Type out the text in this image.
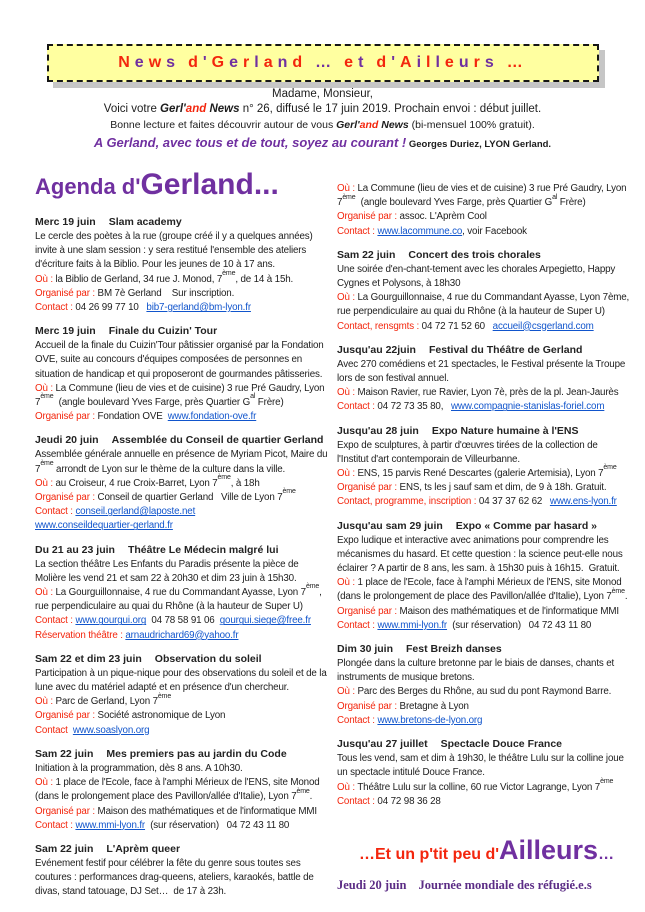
News d'Gerland … et d'Ailleurs …
Madame, Monsieur,
Voici votre Gerl'and News n° 26, diffusé le 17 juin 2019. Prochain envoi : début juillet.
Bonne lecture et faites découvrir autour de vous Gerl'and News (bi-mensuel 100% gratuit).
A Gerland, avec tous et de tout, soyez au courant ! Georges Duriez, LYON Gerland.
Agenda d'Gerland...
Merc 19 juin Slam academy
Le cercle des poètes à la rue (groupe créé il y a quelques années) invite à une slam session : y sera restitué l'ensemble des ateliers d'écriture faits à la Biblio. Pour les jeunes de 10 à 17 ans.
Où : la Biblio de Gerland, 34 rue J. Monod, 7ème, de 14 à 15h.
Organisé par : BM 7è Gerland    Sur inscription.
Contact : 04 26 99 77 10   bib7-gerland@bm-lyon.fr
Merc 19 juin Finale du Cuizin' Tour
Accueil de la finale du Cuizin'Tour pâtissier organisé par la Fondation OVE, suite au concours d'équipes composées de personnes en situation de handicap et qui proposeront de gourmandes pâtisseries.
Où : La Commune (lieu de vies et de cuisine) 3 rue Pré Gaudry, Lyon 7ème  (angle boulevard Yves Farge, près Quartier $G^{al}$ Frère)
Organisé par : Fondation OVE  www.fondation-ove.fr
Jeudi 20 juin Assemblée du Conseil de quartier Gerland
Assemblée générale annuelle en présence de Myriam Picot, Maire du 7ème arrondt de Lyon sur le thème de la culture dans la ville.
Où : au Croiseur, 4 rue Croix-Barret, Lyon 7ème, à 18h
Organisé par : Conseil de quartier Gerland   Ville de Lyon 7ème
Contact : conseil.gerland@laposte.net
www.conseildequartier-gerland.fr
Du 21 au 23 juin Théâtre Le Médecin malgré lui
La section théâtre Les Enfants du Paradis présente la pièce de Molière les vend 21 et sam 22 à 20h30 et dim 23 juin à 15h30.
Où : La Gourguillonnaise, 4 rue du Commandant Ayasse, Lyon 7ème, rue perpendiculaire au quai du Rhône (à la hauteur de Super U)
Contact : www.gourgui.org  04 78 58 91 06  gourgui.siege@free.fr
Réservation théâtre : arnaudrichard69@yahoo.fr
Sam 22 et dim 23 juin Observation du soleil
Participation à un pique-nique pour des observations du soleil et de la lune avec du matériel adapté et en présence d'un chercheur.
Où : Parc de Gerland, Lyon 7ème
Organisé par : Société astronomique de Lyon
Contact www.soaslyon.org
Sam 22 juin Mes premiers pas au jardin du Code
Initiation à la programmation, dès 8 ans. A 10h30.
Où : 1 place de l'Ecole, face à l'amphi Mérieux de l'ENS, site Monod (dans le prolongement place des Pavillon/allée d'Italie), Lyon 7ème.
Organisé par : Maison des mathématiques et de l'informatique MMI
Contact : www.mmi-lyon.fr  (sur réservation)   04 72 43 11 80
Sam 22 juin L'Aprèm queer
Evénement festif pour célébrer la fête du genre sous toutes ses coutures : performances drag-queens, ateliers, karaokés, battle de divas, stand tatouage, DJ Set…  de 17 à 23h.
Où : La Commune (lieu de vies et de cuisine) 3 rue Pré Gaudry, Lyon 7ème  (angle boulevard Yves Farge, près Quartier $G^{al}$ Frère)
Organisé par : assoc. L'Aprèm Cool
Contact : www.lacommune.co, voir Facebook
Sam 22 juin Concert des trois chorales
Une soirée d'en-chant-tement avec les chorales Arpegietto, Happy Cygnes et Polysons, à 18h30
Où : La Gourguillonnaise, 4 rue du Commandant Ayasse, Lyon 7ème, rue perpendiculaire au quai du Rhône (à la hauteur de Super U)
Contact, rensgmts : 04 72 71 52 60   accueil@csgerland.com
Jusqu'au 22juin Festival du Théâtre de Gerland
Avec 270 comédiens et 21 spectacles, le Festival présente la Troupe lors de son festival annuel.
Où : Maison Ravier, rue Ravier, Lyon 7è, près de la pl. Jean-Jaurès
Contact : 04 72 73 35 80,   www.compagnie-stanislas-foriel.com
Jusqu'au 28 juin Expo Nature humaine à l'ENS
Expo de sculptures, à partir d'œuvres tirées de la collection de l'Institut d'art contemporain de Villeurbanne.
Où : ENS, 15 parvis René Descartes (galerie Artemisia), Lyon 7ème
Organisé par : ENS, ts les j sauf sam et dim, de 9 à 18h. Gratuit.
Contact, programme, inscription : 04 37 37 62 62   www.ens-lyon.fr
Jusqu'au sam 29 juin Expo « Comme par hasard »
Expo ludique et interactive avec animations pour comprendre les mécanismes du hasard. Et cette question : la science peut-elle nous éclairer ? A partir de 8 ans, les sam. à 15h30 puis à 16h15.  Gratuit.
Où : 1 place de l'Ecole, face à l'amphi Mérieux de l'ENS, site Monod (dans le prolongement de place des Pavillon/allée d'Italie), Lyon 7ème.
Organisé par : Maison des mathématiques et de l'informatique MMI
Contact : www.mmi-lyon.fr  (sur réservation)   04 72 43 11 80
Dim 30 juin Fest Breizh danses
Plongée dans la culture bretonne par le biais de danses, chants et instruments de musique bretons.
Où : Parc des Berges du Rhône, au sud du pont Raymond Barre.
Organisé par : Bretagne à Lyon
Contact : www.bretons-de-lyon.org
Jusqu'au 27 juillet Spectacle Douce France
Tous les vend, sam et dim à 19h30, le théâtre Lulu sur la colline joue un spectacle intitulé Douce France.
Où : Théâtre Lulu sur la colline, 60 rue Victor Lagrange, Lyon 7ème
Contact : 04 72 98 36 28
…Et un p'tit peu d'Ailleurs…
Jeudi 20 juin Journée mondiale des réfugié.e.s
